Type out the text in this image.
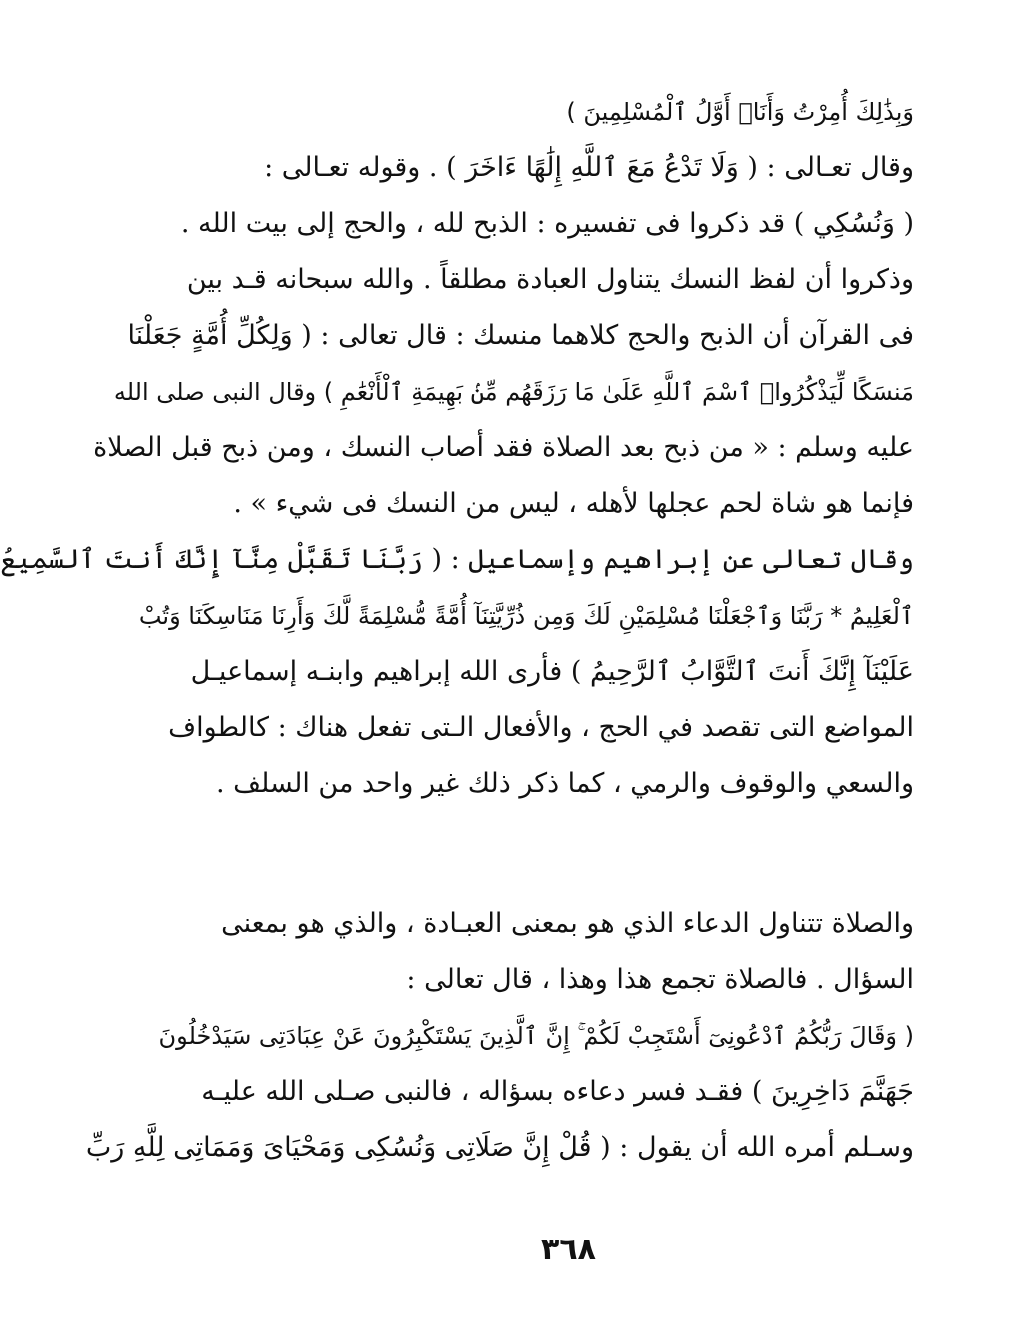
وَبِذَٰلِكَ أُمِرْتُ وَأَنَا۠ أَوَّلُ ٱلْمُسْلِمِينَ )
وقال تعـالى : ( وَلَا تَدْعُ مَعَ ٱللَّهِ إِلَٰهًا ءَاخَرَ ) . وقوله تعـالى :
( وَنُسُكِي ) قد ذكروا فى تفسيره : الذبح لله ، والحج إلى بيت الله .
وذكروا أن لفظ النسك يتناول العبادة مطلقاً . والله سبحانه قـد بين
فى القرآن أن الذبح والحج كلاهما منسك : قال تعالى : ( وَلِكُلِّ أُمَّةٍ جَعَلْنَا
مَنسَكًا لِّيَذْكُرُوا۟ ٱسْمَ ٱللَّهِ عَلَىٰ مَا رَزَقَهُم مِّنۢ بَهِيمَةِ ٱلْأَنْعَٰمِ ) وقال النبى صلى الله
عليه وسلم : « من ذبح بعد الصلاة فقد أصاب النسك ، ومن ذبح قبل الصلاة
فإنما هو شاة لحم عجلها لأهله ، ليس من النسك فى شيء » .
وقال تعالى عن إبراهيم وإسماعيل : ( رَبَّنَا تَقَبَّلْ مِنَّآ إِنَّكَ أَنتَ ٱلسَّمِيعُ
ٱلْعَلِيمُ * رَبَّنَا وَٱجْعَلْنَا مُسْلِمَيْنِ لَكَ وَمِن ذُرِّيَّتِنَآ أُمَّةً مُّسْلِمَةً لَّكَ وَأَرِنَا مَنَاسِكَنَا وَتُبْ
عَلَيْنَآ إِنَّكَ أَنتَ ٱلتَّوَّابُ ٱلرَّحِيمُ ) فأرى الله إبراهيم وابنـه إسماعيـل
المواضع التى تقصد في الحج ، والأفعال الـتى تفعل هناك : كالطواف
والسعي والوقوف والرمي ، كما ذكر ذلك غير واحد من السلف .
والصلاة تتناول الدعاء الذي هو بمعنى العبـادة ، والذي هو بمعنى
السؤال . فالصلاة تجمع هذا وهذا ، قال تعالى :
( وَقَالَ رَبُّكُمُ ٱدْعُونِىٓ أَسْتَجِبْ لَكُمْ ۚ إِنَّ ٱلَّذِينَ يَسْتَكْبِرُونَ عَنْ عِبَادَتِى سَيَدْخُلُونَ
جَهَنَّمَ دَاخِرِينَ ) فقـد فسر دعاءه بسؤاله ، فالنبى صـلى الله عليـه
وسـلم أمره الله أن يقول : ( قُلْ إِنَّ صَلَاتِى وَنُسُكِى وَمَحْيَاىَ وَمَمَاتِى لِلَّهِ رَبِّ
٣٦٨
